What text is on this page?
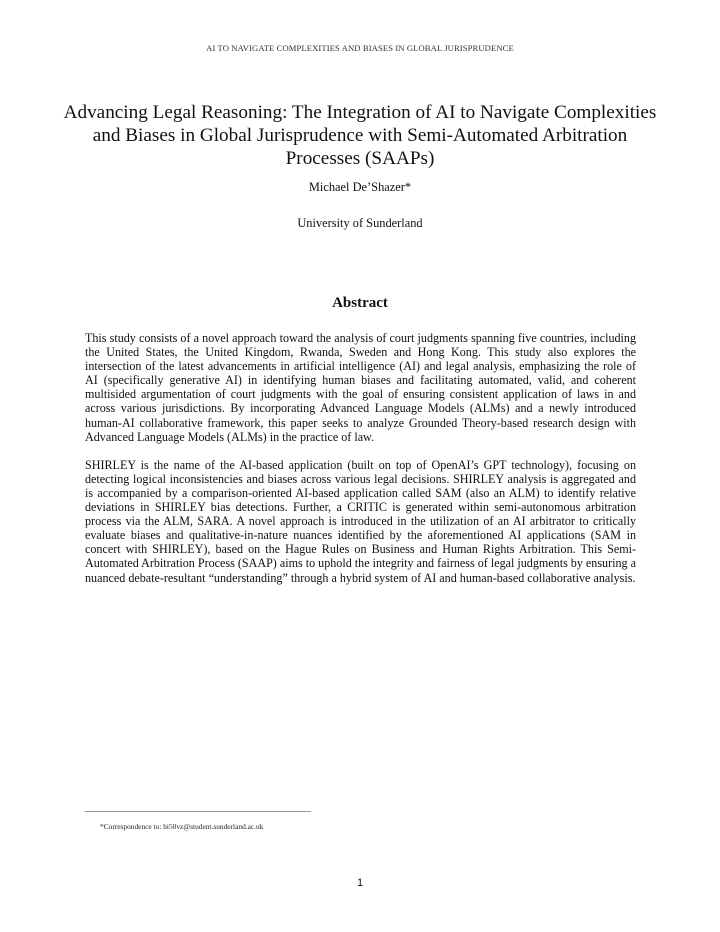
AI TO NAVIGATE COMPLEXITIES AND BIASES IN GLOBAL JURISPRUDENCE
Advancing Legal Reasoning: The Integration of AI to Navigate Complexities and Biases in Global Jurisprudence with Semi-Automated Arbitration Processes (SAAPs)
Michael De’Shazer*
University of Sunderland
Abstract

This study consists of a novel approach toward the analysis of court judgments spanning five countries, including the United States, the United Kingdom, Rwanda, Sweden and Hong Kong. This study also explores the intersection of the latest advancements in artificial intelligence (AI) and legal analysis, emphasizing the role of AI (specifically generative AI) in identifying human biases and facilitating automated, valid, and coherent multisided argumentation of court judgments with the goal of ensuring consistent application of laws in and across various jurisdictions. By incorporating Advanced Language Models (ALMs) and a newly introduced human-AI collaborative framework, this paper seeks to analyze Grounded Theory-based research design with Advanced Language Models (ALMs) in the practice of law.

SHIRLEY is the name of the AI-based application (built on top of OpenAI’s GPT technology), focusing on detecting logical inconsistencies and biases across various legal decisions. SHIRLEY analysis is aggregated and is accompanied by a comparison-oriented AI-based application called SAM (also an ALM) to identify relative deviations in SHIRLEY bias detections. Further, a CRITIC is generated within semi-autonomous arbitration process via the ALM, SARA. A novel approach is introduced in the utilization of an AI arbitrator to critically evaluate biases and qualitative-in-nature nuances identified by the aforementioned AI applications (SAM in concert with SHIRLEY), based on the Hague Rules on Business and Human Rights Arbitration. This Semi-Automated Arbitration Process (SAAP) aims to uphold the integrity and fairness of legal judgments by ensuring a nuanced debate-resultant “understanding” through a hybrid system of AI and human-based collaborative analysis.

*Correspondence to: bi50vz@student.sunderland.ac.uk
1
